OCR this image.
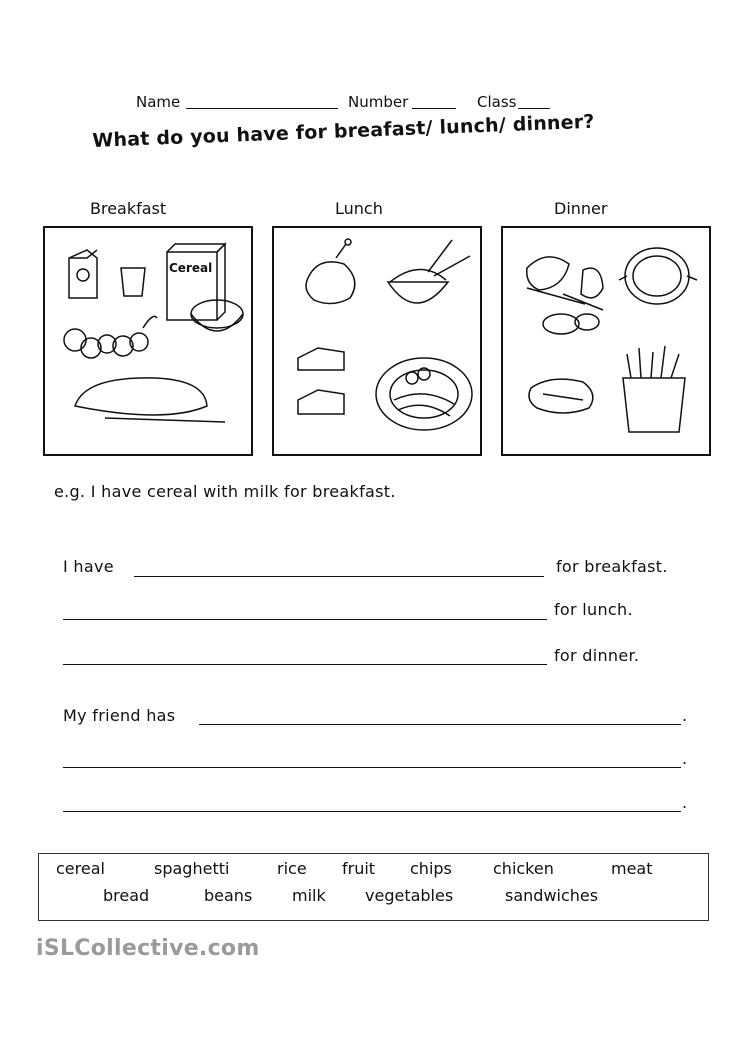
Name	Number	Class
What do you have for breafast/ lunch/ dinner?
Breakfast	Lunch	Dinner
Cereal
e.g. I have cereal with milk for breakfast.
I have	for breakfast.
for lunch.
for dinner.
My friend has	.
.
.
cereal	spaghetti	rice fruit chips	chicken	meat
bread	beans milk vegetables	sandwiches
iSLCollective.com
